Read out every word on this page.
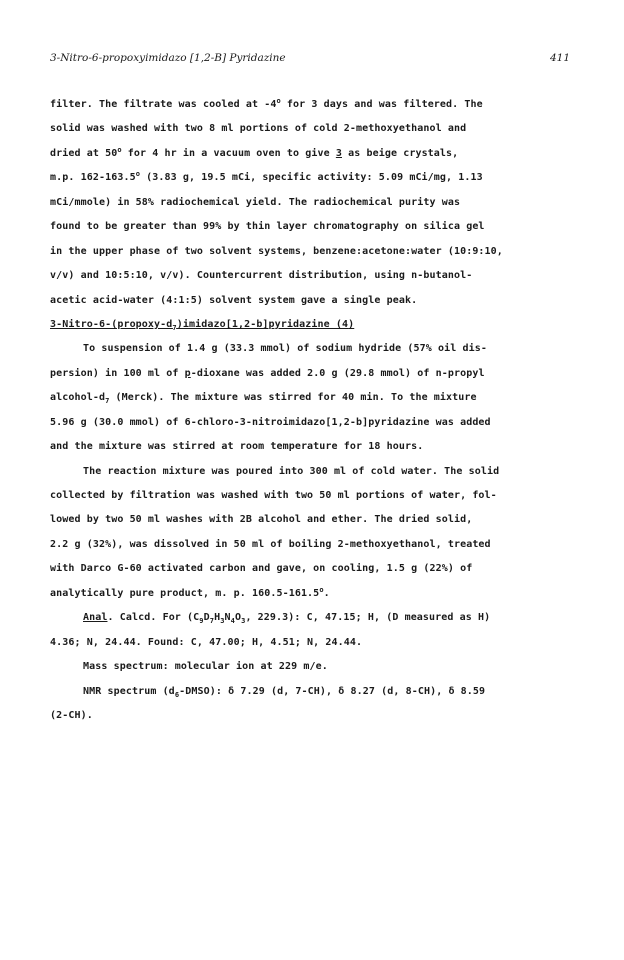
3-Nitro-6-propoxyimidazo [1,2-B] Pyridazine	411
filter. The filtrate was cooled at -4$^o$ for 3 days and was filtered. The
solid was washed with two 8 ml portions of cold 2-methoxyethanol and
dried at 50$^o$ for 4 hr in a vacuum oven to give 3 as beige crystals,
m.p. 162-163.5$^o$ (3.83 g, 19.5 mCi, specific activity: 5.09 mCi/mg, 1.13
mCi/mmole) in 58% radiochemical yield. The radiochemical purity was
found to be greater than 99% by thin layer chromatography on silica gel
in the upper phase of two solvent systems, benzene:acetone:water (10:9:10,
v/v) and 10:5:10, v/v). Countercurrent distribution, using n-butanol-
acetic acid-water (4:1:5) solvent system gave a single peak.
$3-Nitro-6-(propoxy-d_7)imidazo[1,2-b]pyridazine$ (4)
To suspension of 1.4 g (33.3 mmol) of sodium hydride (57% oil dis-
persion) in 100 ml of p-dioxane was added 2.0 g (29.8 mmol) of n-propyl
alcohol-$d_7$ (Merck). The mixture was stirred for 40 min. To the mixture
5.96 g (30.0 mmol) of 6-chloro-3-nitroimidazo[1,2-b]pyridazine was added
and the mixture was stirred at room temperature for 18 hours.
The reaction mixture was poured into 300 ml of cold water. The solid
collected by filtration was washed with two 50 ml portions of water, fol-
lowed by two 50 ml washes with 2B alcohol and ether. The dried solid,
2.2 g (32%), was dissolved in 50 ml of boiling 2-methoxyethanol, treated
with Darco G-60 activated carbon and gave, on cooling, 1.5 g (22%) of
analytically pure product, m. p. 160.5-161.5$^o$.
Anal. Calcd. For ($C_9D_7H_3N_4O_3$, 229.3): C, 47.15; H, (D measured as H)
4.36; N, 24.44. Found: C, 47.00; H, 4.51; N, 24.44.
Mass spectrum: molecular ion at 229 m/e.
NMR spectrum $(d_6-DMSO)$: δ 7.29 (d, 7-CH), δ 8.27 (d, 8-CH), δ 8.59
(2-CH).
